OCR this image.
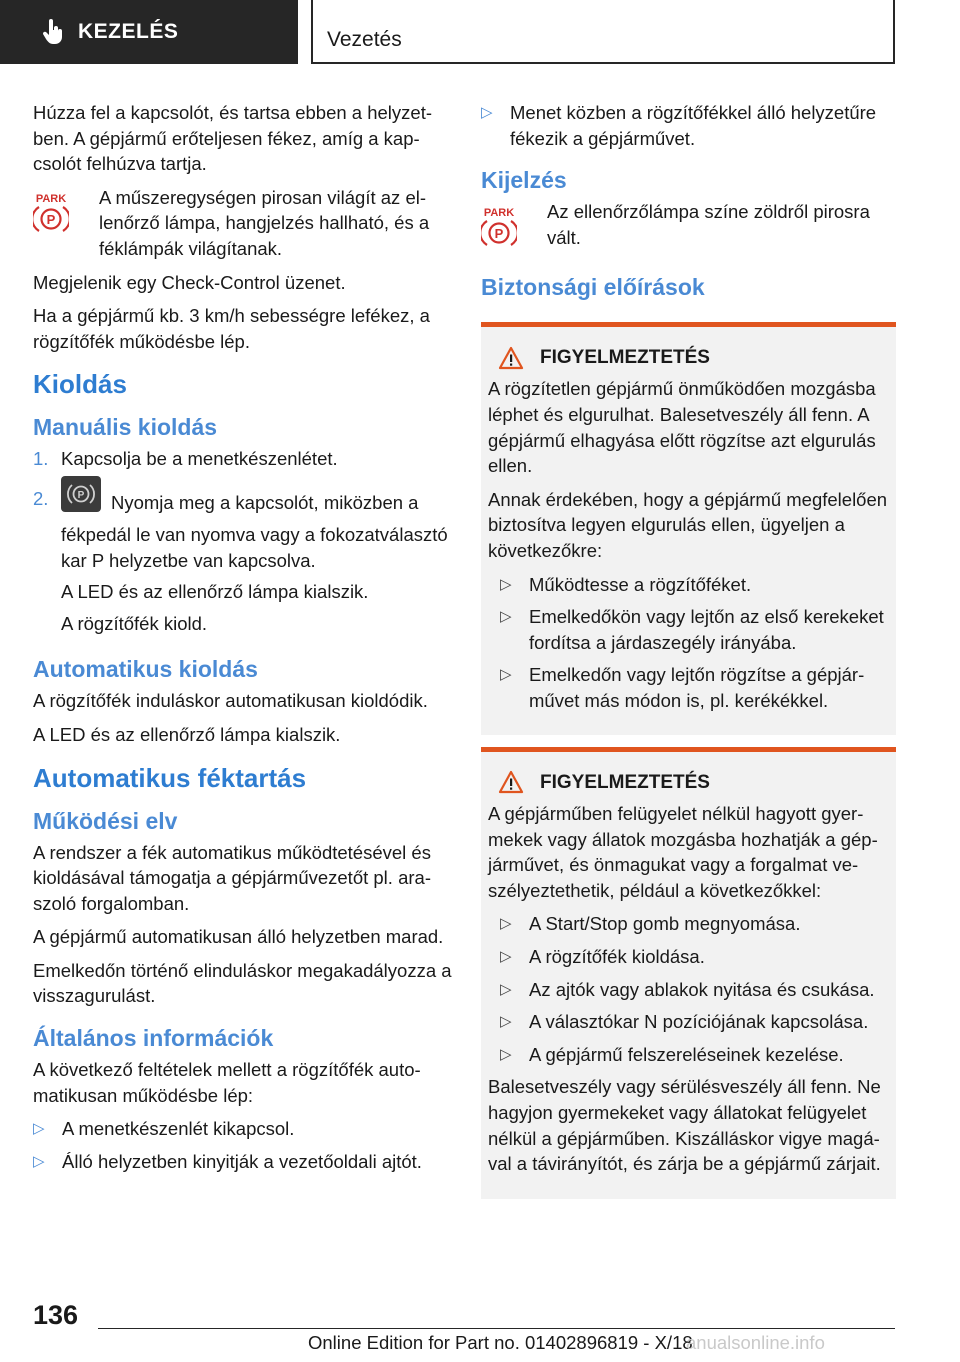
KEZELÉS	Vezetés

Húzza fel a kapcsolót, és tartsa ebben a helyzetben. A gépjármű erőteljesen fékez, amíg a kapcsolót felhúzva tartja.

PARK
P
A műszeregységen pirosan világít az ellenőrző lámpa, hangjelzés hallható, és a féklámpák világítanak.

Megjelenik egy Check-Control üzenet.

Ha a gépjármű kb. 3 km/h sebességre lefékez, a rögzítőfék működésbe lép.

Kioldás
Manuális kioldás
1. Kapcsolja be a menetkészenlétet.
2.	P Nyomja meg a kapcsolót, miközben a fékpedál le van nyomva vagy a fokozatválasztó kar P helyzetbe van kapcsolva.

A LED és az ellenőrző lámpa kialszik.

A rögzítőfék kiold.

Automatikus kioldás

A rögzítőfék induláskor automatikusan kioldódik.

A LED és az ellenőrző lámpa kialszik.

Automatikus féktartás
Működési elv

A rendszer a fék automatikus működtetésével és kioldásával támogatja a gépjárművezetőt pl. araszoló forgalomban.

A gépjármű automatikusan álló helyzetben marad.

Emelkedőn történő elinduláskor megakadályozza a visszagurulást.

Általános információk

A következő feltételek mellett a rögzítőfék automatikusan működésbe lép:

▷ A menetkészenlét kikapcsol.
▷ Álló helyzetben kinyitják a vezetőoldali ajtót.
▷ Menet közben a rögzítőfékkel álló helyzetűre fékezik a gépjárművet.
Kijelzés
PARK
P
Az ellenőrzőlámpa színe zöldről pirosra vált.
Biztonsági előírások
FIGYELMEZTETÉS

A rögzítetlen gépjármű önműködően mozgásba léphet és elgurulhat. Balesetveszély áll fenn. A gépjármű elhagyása előtt rögzítse azt elgurulás ellen.

Annak érdekében, hogy a gépjármű megfelelően biztosítva legyen elgurulás ellen, ügyeljen a következőkre:

▷ Működtesse a rögzítőféket.
▷ Emelkedőkön vagy lejtőn az első kerekeket fordítsa a járdaszegély irányába.
▷ Emelkedőn vagy lejtőn rögzítse a gépjárművet más módon is, pl. kerékékkel.
FIGYELMEZTETÉS

A gépjárműben felügyelet nélkül hagyott gyermekek vagy állatok mozgásba hozhatják a gépjárművet, és önmagukat vagy a forgalmat veszélyeztethetik, például a következőkkel:

▷ A Start/Stop gomb megnyomása.
▷ A rögzítőfék kioldása.
▷ Az ajtók vagy ablakok nyitása és csukása.
▷ A választókar N pozíciójának kapcsolása.
▷ A gépjármű felszereléseinek kezelése.

Balesetveszély vagy sérülésveszély áll fenn. Ne hagyjon gyermekeket vagy állatokat felügyelet nélkül a gépjárműben. Kiszálláskor vigye magával a távirányítót, és zárja be a gépjármű zárjait.

136
Online Edition for Part no. 01402896819 - X/18
anualsonline.info
